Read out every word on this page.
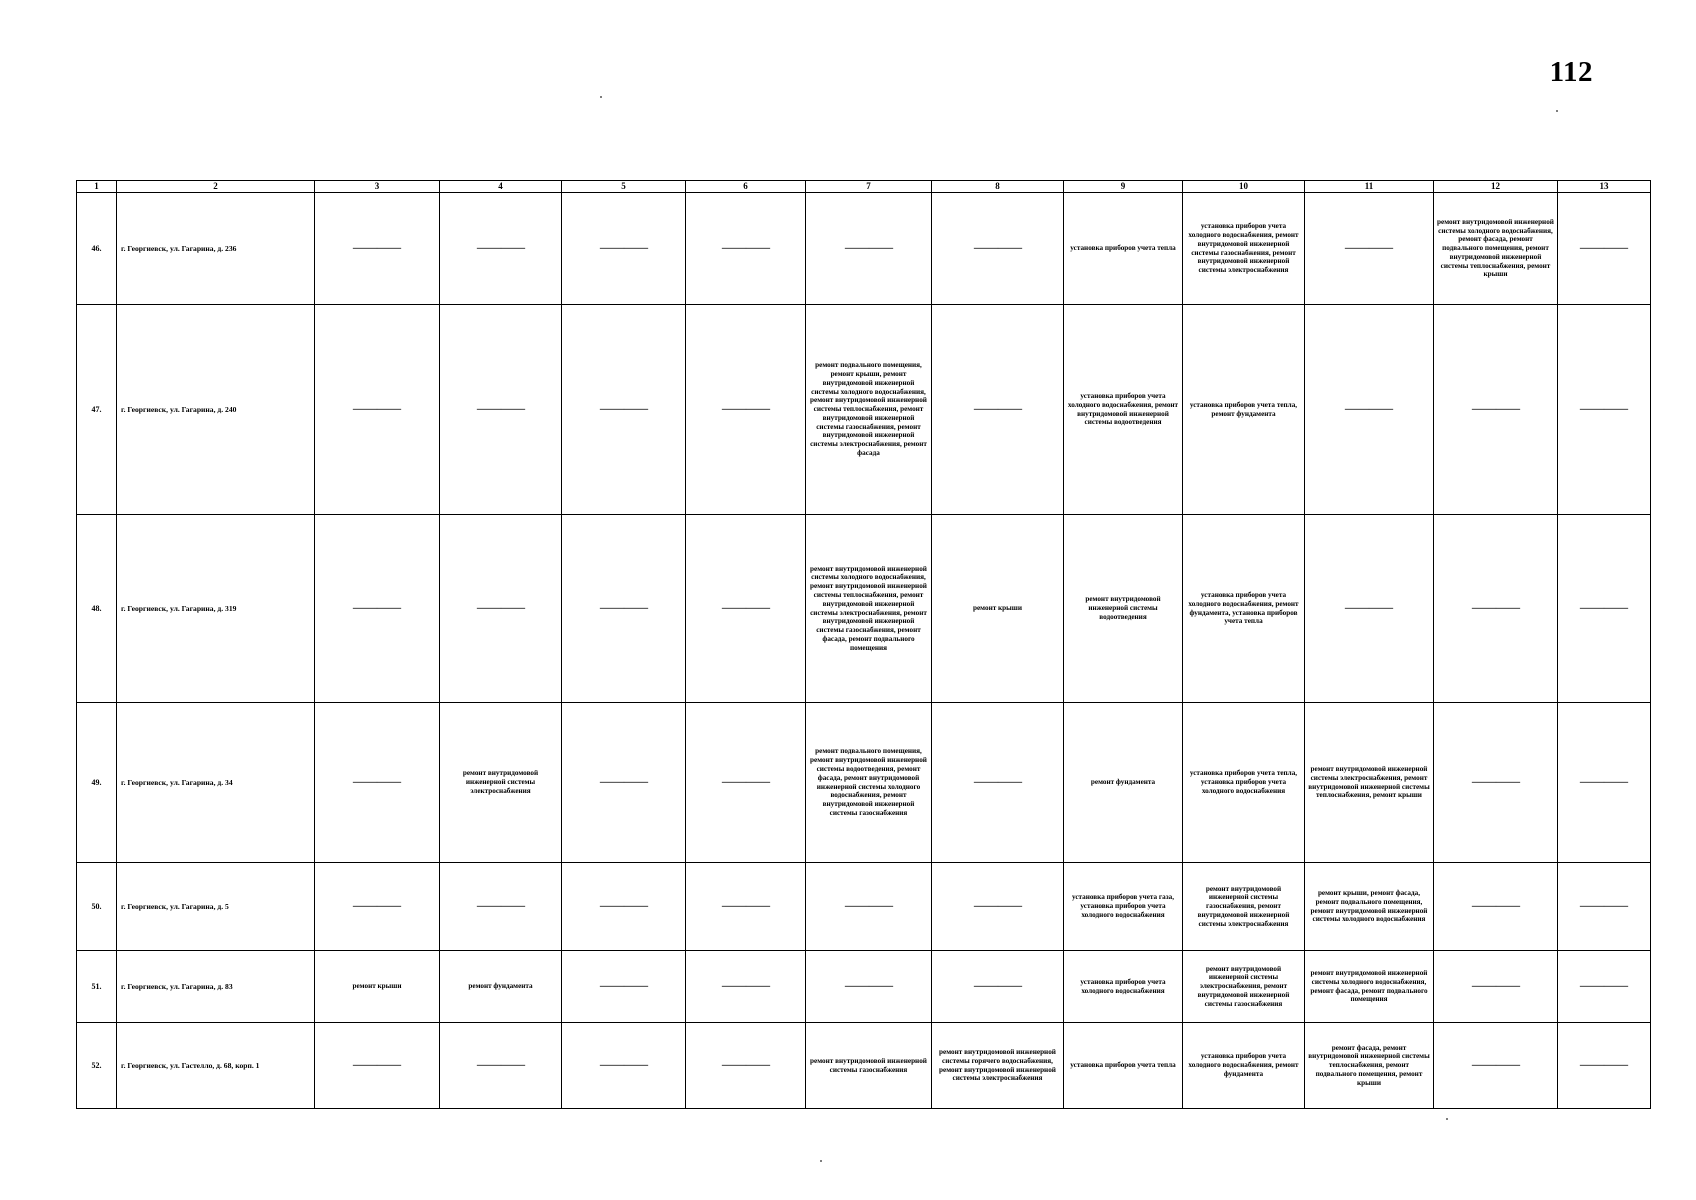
112
1	2	3	4	5	6	7	8	9	10	11	12	13
46.	г. Георгиевск, ул. Гагарина, д. 236	——	——	——	——	——	——	установка приборов учета тепла	установка приборов учета холодного водоснабжения, ремонт внутридомовой инженерной системы газоснабжения, ремонт внутридомовой инженерной системы электроснабжения	——	ремонт внутридомовой инженерной системы холодного водоснабжения, ремонт фасада, ремонт подвального помещения, ремонт внутридомовой инженерной системы теплоснабжения, ремонт крыши	——
47.	г. Георгиевск, ул. Гагарина, д. 240	——	——	——	——	ремонт подвального помещения, ремонт крыши, ремонт внутридомовой инженерной системы холодного водоснабжения, ремонт внутридомовой инженерной системы теплоснабжения, ремонт внутридомовой инженерной системы газоснабжения, ремонт внутридомовой инженерной системы электроснабжения, ремонт фасада	——	установка приборов учета холодного водоснабжения, ремонт внутридомовой инженерной системы водоотведения	установка приборов учета тепла, ремонт фундамента	——	——	——
48.	г. Георгиевск, ул. Гагарина, д. 319	——	——	——	——	ремонт внутридомовой инженерной системы холодного водоснабжения, ремонт внутридомовой инженерной системы теплоснабжения, ремонт внутридомовой инженерной системы электроснабжения, ремонт внутридомовой инженерной системы газоснабжения, ремонт фасада, ремонт подвального помещения	ремонт крыши	ремонт внутридомовой инженерной системы водоотведения	установка приборов учета холодного водоснабжения, ремонт фундамента, установка приборов учета тепла	——	——	——
49.	г. Георгиевск, ул. Гагарина, д. 34	——	ремонт внутридомовой инженерной системы электроснабжения	——	——	ремонт подвального помещения, ремонт внутридомовой инженерной системы водоотведения, ремонт фасада, ремонт внутридомовой инженерной системы холодного водоснабжения, ремонт внутридомовой инженерной системы газоснабжения	——	ремонт фундамента	установка приборов учета тепла, установка приборов учета холодного водоснабжения	ремонт внутридомовой инженерной системы электроснабжения, ремонт внутридомовой инженерной системы теплоснабжения, ремонт крыши	——	——
50.	г. Георгиевск, ул. Гагарина, д. 5	——	——	——	——	——	——	установка приборов учета газа, установка приборов учета холодного водоснабжения	ремонт внутридомовой инженерной системы газоснабжения, ремонт внутридомовой инженерной системы электроснабжения	ремонт крыши, ремонт фасада, ремонт подвального помещения, ремонт внутридомовой инженерной системы холодного водоснабжения	——	——
51.	г. Георгиевск, ул. Гагарина, д. 83	ремонт крыши	ремонт фундамента	——	——	——	——	установка приборов учета холодного водоснабжения	ремонт внутридомовой инженерной системы электроснабжения, ремонт внутридомовой инженерной системы газоснабжения	ремонт внутридомовой инженерной системы холодного водоснабжения, ремонт фасада, ремонт подвального помещения	——	——
52.	г. Георгиевск, ул. Гастелло, д. 68, корп. 1	——	——	——	——	ремонт внутридомовой инженерной системы газоснабжения	ремонт внутридомовой инженерной системы горячего водоснабжения, ремонт внутридомовой инженерной системы электроснабжения	установка приборов учета тепла	установка приборов учета холодного водоснабжения, ремонт фундамента	ремонт фасада, ремонт внутридомовой инженерной системы теплоснабжения, ремонт подвального помещения, ремонт крыши	——	——
